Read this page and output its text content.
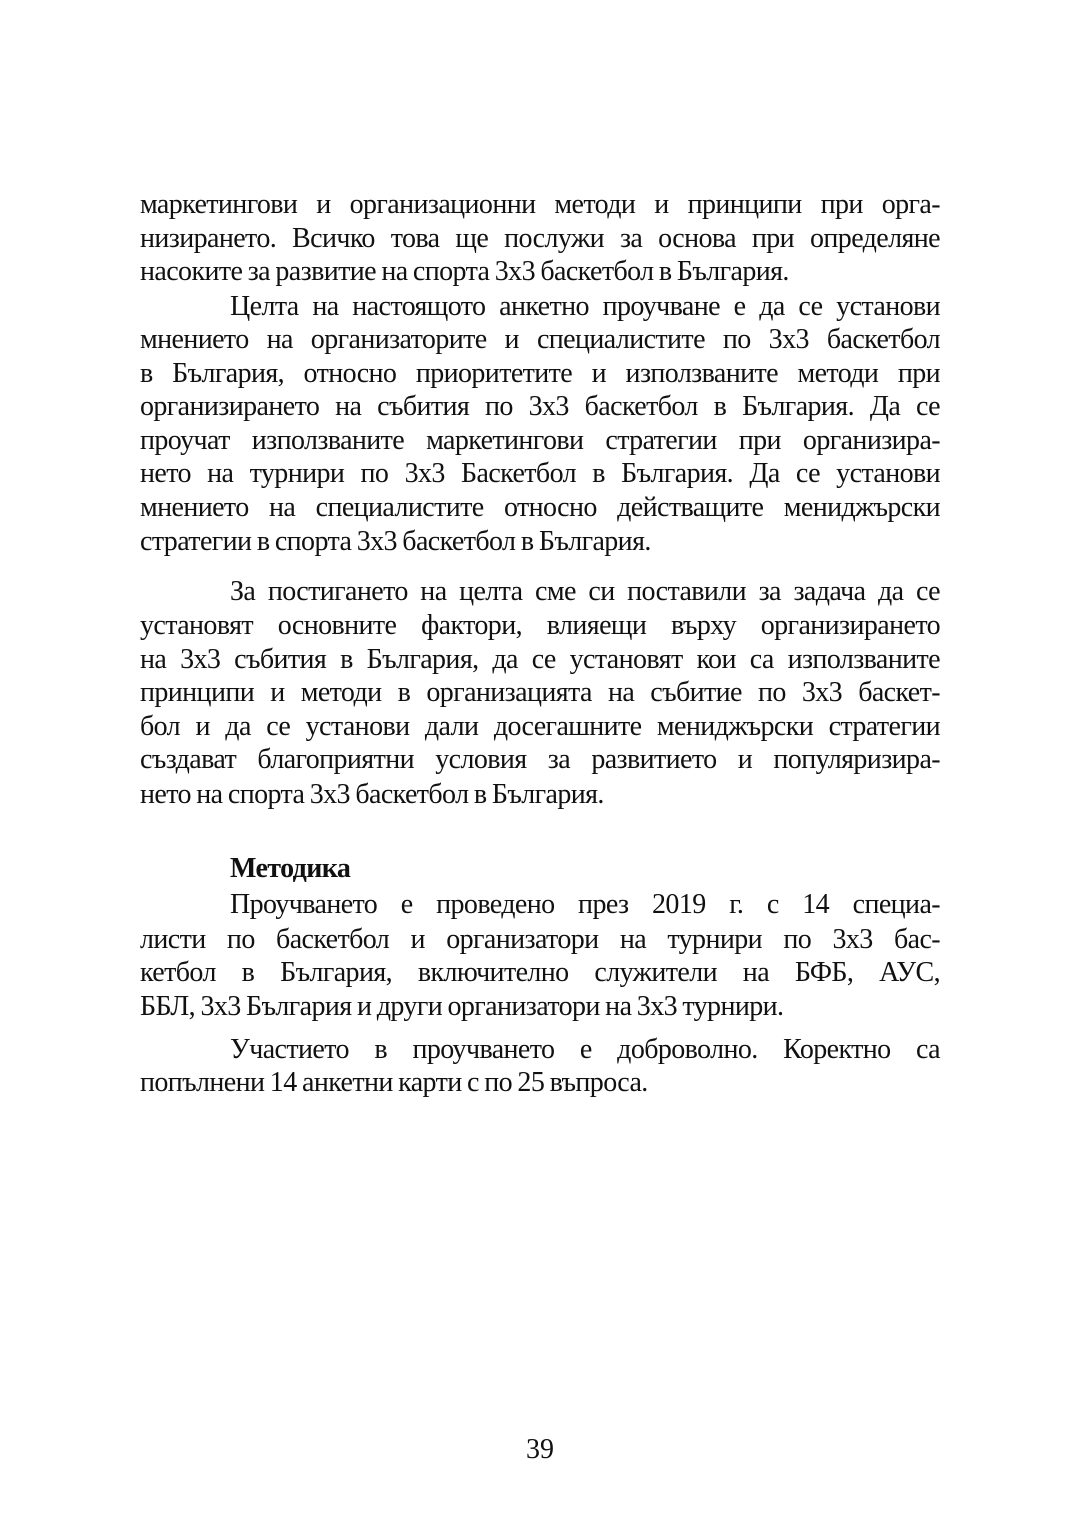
маркетингови и организационни методи и принципи при орга-
низирането. Всичко това ще послужи за основа при определяне
насоките за развитие на спорта 3х3 баскетбол в България.
Целта на настоящото анкетно проучване е да се установи
мнението на организаторите и специалистите по 3х3 баскетбол
в България, относно приоритетите и използваните методи при
организирането на събития по 3х3 баскетбол в България. Да се
проучат използваните маркетингови стратегии при организира-
нето на турнири по 3х3 Баскетбол в България. Да се установи
мнението на специалистите относно действащите мениджърски
стратегии в спорта 3х3 баскетбол в България.
За постигането на целта сме си поставили за задача да се
установят основните фактори, влияещи върху организирането
на 3х3 събития в България, да се установят кои са използваните
принципи и методи в организацията на събитие по 3х3 баскет-
бол и да се установи дали досегашните мениджърски стратегии
създават благоприятни условия за развитието и популяризира-
нето на спорта 3х3 баскетбол в България.
Методика
Проучването е проведено през 2019 г. с 14 специа-
листи по баскетбол и организатори на турнири по 3х3 бас-
кетбол в България, включително служители на БФБ, АУС,
ББЛ, 3х3 България и други организатори на 3х3 турнири.
Участието в проучването е доброволно. Коректно са
попълнени 14 анкетни карти с по 25 въпроса.
39
